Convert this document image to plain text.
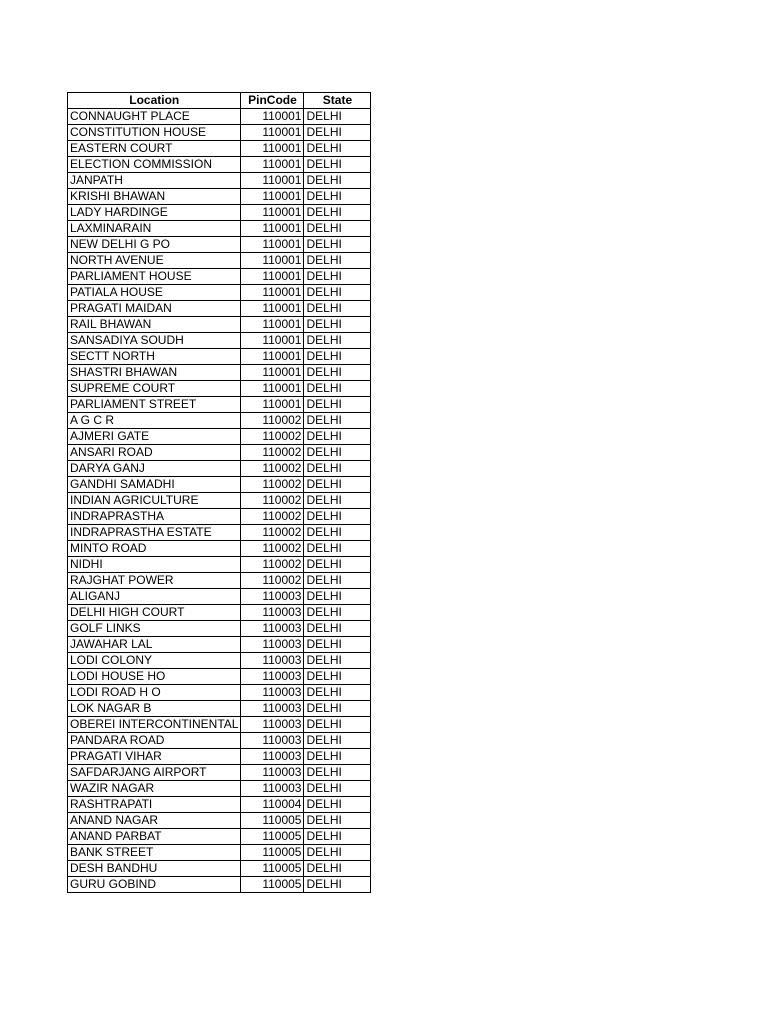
Location	PinCode	State
CONNAUGHT PLACE	110001	DELHI
CONSTITUTION HOUSE	110001	DELHI
EASTERN COURT	110001	DELHI
ELECTION COMMISSION	110001	DELHI
JANPATH	110001	DELHI
KRISHI BHAWAN	110001	DELHI
LADY HARDINGE	110001	DELHI
LAXMINARAIN	110001	DELHI
NEW DELHI G PO	110001	DELHI
NORTH AVENUE	110001	DELHI
PARLIAMENT HOUSE	110001	DELHI
PATIALA HOUSE	110001	DELHI
PRAGATI MAIDAN	110001	DELHI
RAIL BHAWAN	110001	DELHI
SANSADIYA SOUDH	110001	DELHI
SECTT NORTH	110001	DELHI
SHASTRI BHAWAN	110001	DELHI
SUPREME COURT	110001	DELHI
PARLIAMENT STREET	110001	DELHI
A G C R	110002	DELHI
AJMERI GATE	110002	DELHI
ANSARI ROAD	110002	DELHI
DARYA GANJ	110002	DELHI
GANDHI SAMADHI	110002	DELHI
INDIAN AGRICULTURE	110002	DELHI
INDRAPRASTHA	110002	DELHI
INDRAPRASTHA ESTATE	110002	DELHI
MINTO ROAD	110002	DELHI
NIDHI	110002	DELHI
RAJGHAT POWER	110002	DELHI
ALIGANJ	110003	DELHI
DELHI HIGH COURT	110003	DELHI
GOLF LINKS	110003	DELHI
JAWAHAR LAL	110003	DELHI
LODI COLONY	110003	DELHI
LODI HOUSE HO	110003	DELHI
LODI ROAD H O	110003	DELHI
LOK NAGAR B	110003	DELHI
OBEREI INTERCONTINENTAL	110003	DELHI
PANDARA ROAD	110003	DELHI
PRAGATI VIHAR	110003	DELHI
SAFDARJANG AIRPORT	110003	DELHI
WAZIR NAGAR	110003	DELHI
RASHTRAPATI	110004	DELHI
ANAND NAGAR	110005	DELHI
ANAND PARBAT	110005	DELHI
BANK STREET	110005	DELHI
DESH BANDHU	110005	DELHI
GURU GOBIND	110005	DELHI
